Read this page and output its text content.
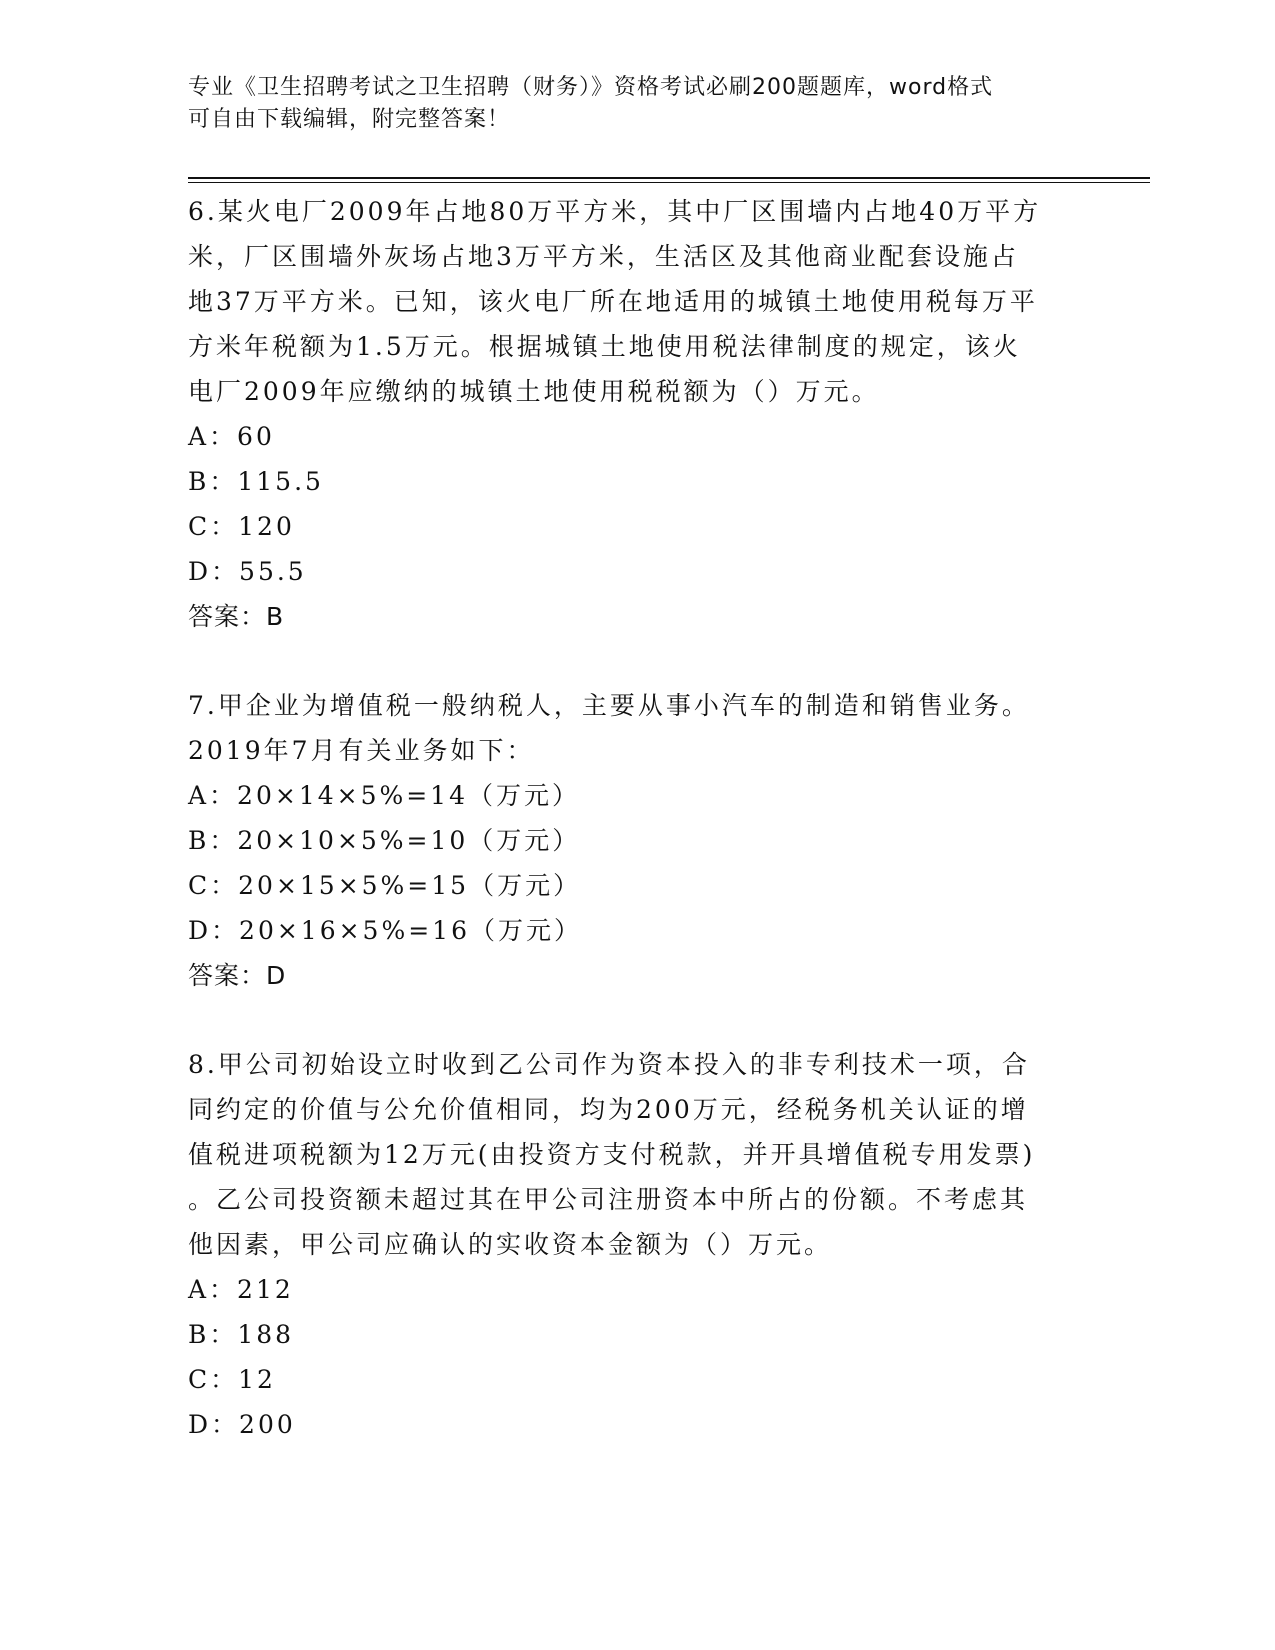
专业《卫生招聘考试之卫生招聘（财务）》资格考试必刷200题题库，word格式
可自由下载编辑，附完整答案！
6.某火电厂2009年占地80万平方米，其中厂区围墙内占地40万平方
米，厂区围墙外灰场占地3万平方米，生活区及其他商业配套设施占
地37万平方米。已知，该火电厂所在地适用的城镇土地使用税每万平
方米年税额为1.5万元。根据城镇土地使用税法律制度的规定，该火
电厂2009年应缴纳的城镇土地使用税税额为（）万元。
A：60
B：115.5
C：120
D：55.5
答案：B
7.甲企业为增值税一般纳税人，主要从事小汽车的制造和销售业务。
2019年7月有关业务如下：
A：20×14×5%=14（万元）
B：20×10×5%=10（万元）
C：20×15×5%=15（万元）
D：20×16×5%=16（万元）
答案：D
8.甲公司初始设立时收到乙公司作为资本投入的非专利技术一项，合
同约定的价值与公允价值相同，均为200万元，经税务机关认证的增
值税进项税额为12万元(由投资方支付税款，并开具增值税专用发票)
。乙公司投资额未超过其在甲公司注册资本中所占的份额。不考虑其
他因素，甲公司应确认的实收资本金额为（）万元。
A：212
B：188
C：12
D：200
